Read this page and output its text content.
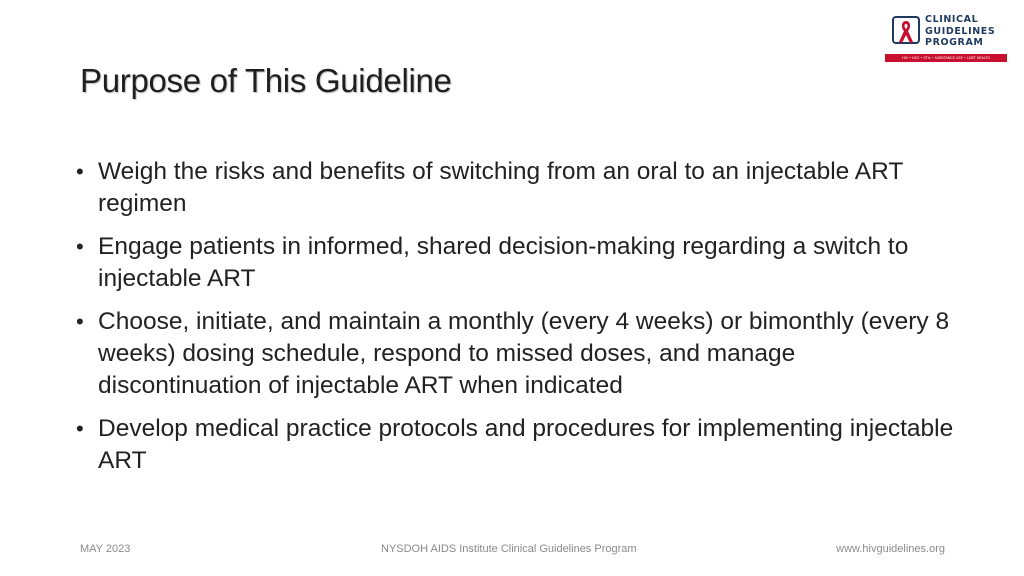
Purpose of This Guideline
CLINICAL
GUIDELINES
PROGRAM
HIV • HCV • STIs • SUBSTANCE USE • LGBT HEALTH
• Weigh the risks and benefits of switching from an oral to an injectable ART regimen
• Engage patients in informed, shared decision-making regarding a switch to injectable ART
• Choose, initiate, and maintain a monthly (every 4 weeks) or bimonthly (every 8 weeks) dosing schedule, respond to missed doses, and manage discontinuation of injectable ART when indicated
• Develop medical practice protocols and procedures for implementing injectable ART
MAY 2023	NYSDOH AIDS Institute Clinical Guidelines Program	www.hivguidelines.org
